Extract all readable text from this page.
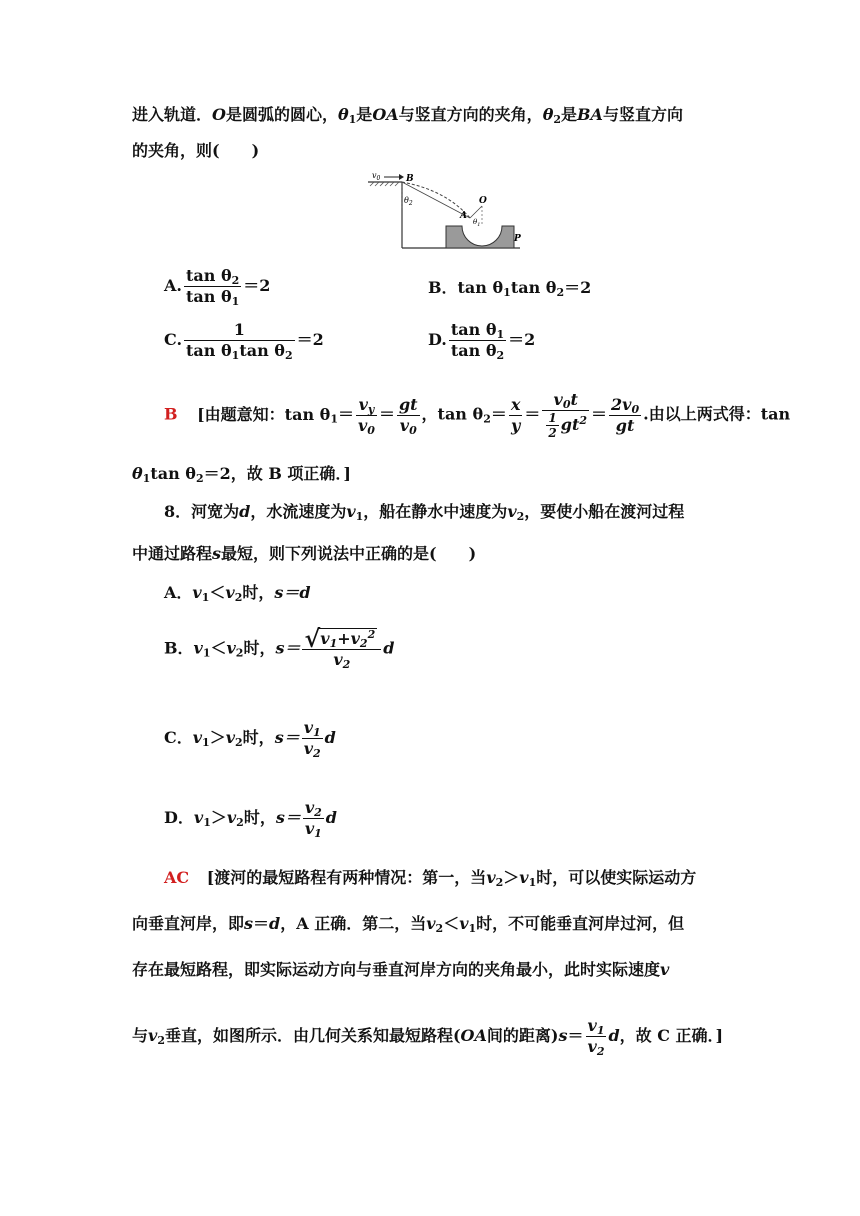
进入轨道．O是圆弧的圆心，$\theta_1$是OA与竖直方向的夹角，$\theta_2$是BA与竖直方向
的夹角，则(　　)
$v_0$	B
$\theta_2$	O
A
$\theta_1$
P
A. $\frac{\tan \theta_2}{\tan \theta_1} =2$	B．$\tan \theta_1\tan$ $\theta_2=2$
C. $\frac{1}{\tan \theta_1\tan \theta_2} =2$	D. $\frac{\tan \theta_1}{\tan \theta_2} =2$
B [由题意知：$\tan \theta_1= \frac{v_y}{v_0} = \frac{gt}{v_0}$ ，$\tan \theta_2= \frac{x}{y} = \frac{v_0t}{\frac{1}{2} gt^2} = \frac{2v_0}{gt}$ .由以上两式得：tan
$\theta_1\tan$ $\theta_2=2$，故 B 项正确．]
8．河宽为d，水流速度为$v_1$，船在静水中速度为$v_2$，要使小船在渡河过程
中通过路程s最短，则下列说法中正确的是(　　)
A．$v_1<v_2$时，s＝d
B．$v_1<v_2$时，$s= \frac{√v_1+v_2^2}{v_2}$ d
C．$v_1>v_2$时，$s= \frac{v_1}{v_2}$ d
D．$v_1>v_2$时，$s= \frac{v_2}{v_1}$ d
AC [渡河的最短路程有两种情况：第一，当$v_2>v_1$时，可以使实际运动方
向垂直河岸，即s＝d，A 正确．第二，当$v_2<v_1$时，不可能垂直河岸过河，但
存在最短路程，即实际运动方向与垂直河岸方向的夹角最小，此时实际速度v
与$v_2$垂直，如图所示．由几何关系知最短路程(OA间的距离)$s= \frac{v_1}{v_2}$ d，故 C 正确．]
